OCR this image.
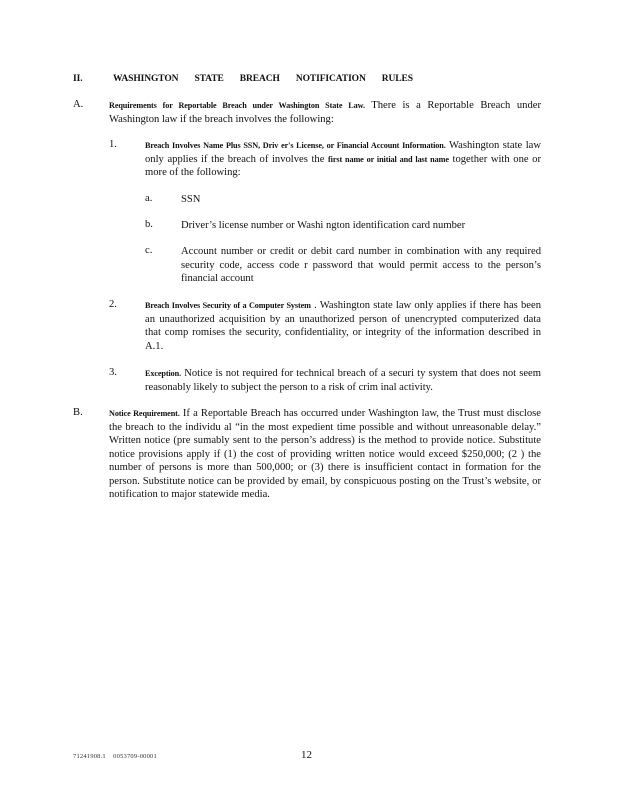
II.	WASHINGTON STATE BREACH NOTIFICATION RULES
A.	Requirements for Reportable Breach under Washington State Law. There is a Reportable Breach under Washington law if the breach involves the following:
1.	Breach Involves Name Plus SSN, Driv er's License, or Financial Account Information. Washington state law only applies if the breach of involves the first name or initial and last name together with one or more of the following:
a.	SSN
b.	Driver’s license number or Washi ngton identification card number
c.	Account number or credit or debit card number in combination with any required security code, access code r password that would permit access to the person’s financial account
2.	Breach Involves Security of a Computer System . Washington state law only applies if there has been an unauthorized acquisition by an unauthorized person of unencrypted computerized data that comp romises the security, confidentiality, or integrity of the information described in A.1.
3.	Exception. Notice is not required for technical breach of a securi ty system that does not seem reasonably likely to subject the person to a risk of crim inal activity.
B.	Notice Requirement. If a Reportable Breach has occurred under Washington law, the Trust must disclose the breach to the individu al “in the most expedient time possible and without unreasonable delay.” Written notice (pre sumably sent to the person’s address) is the method to provide notice. Substitute notice provisions apply if (1) the cost of providing written notice would exceed $250,000; (2 ) the number of persons is more than 500,000; or (3) there is insufficient contact in formation for the person. Substitute notice can be provided by email, by conspicuous posting on the Trust’s website, or notification to major statewide media.
71241908.1    0053709-00001	12
